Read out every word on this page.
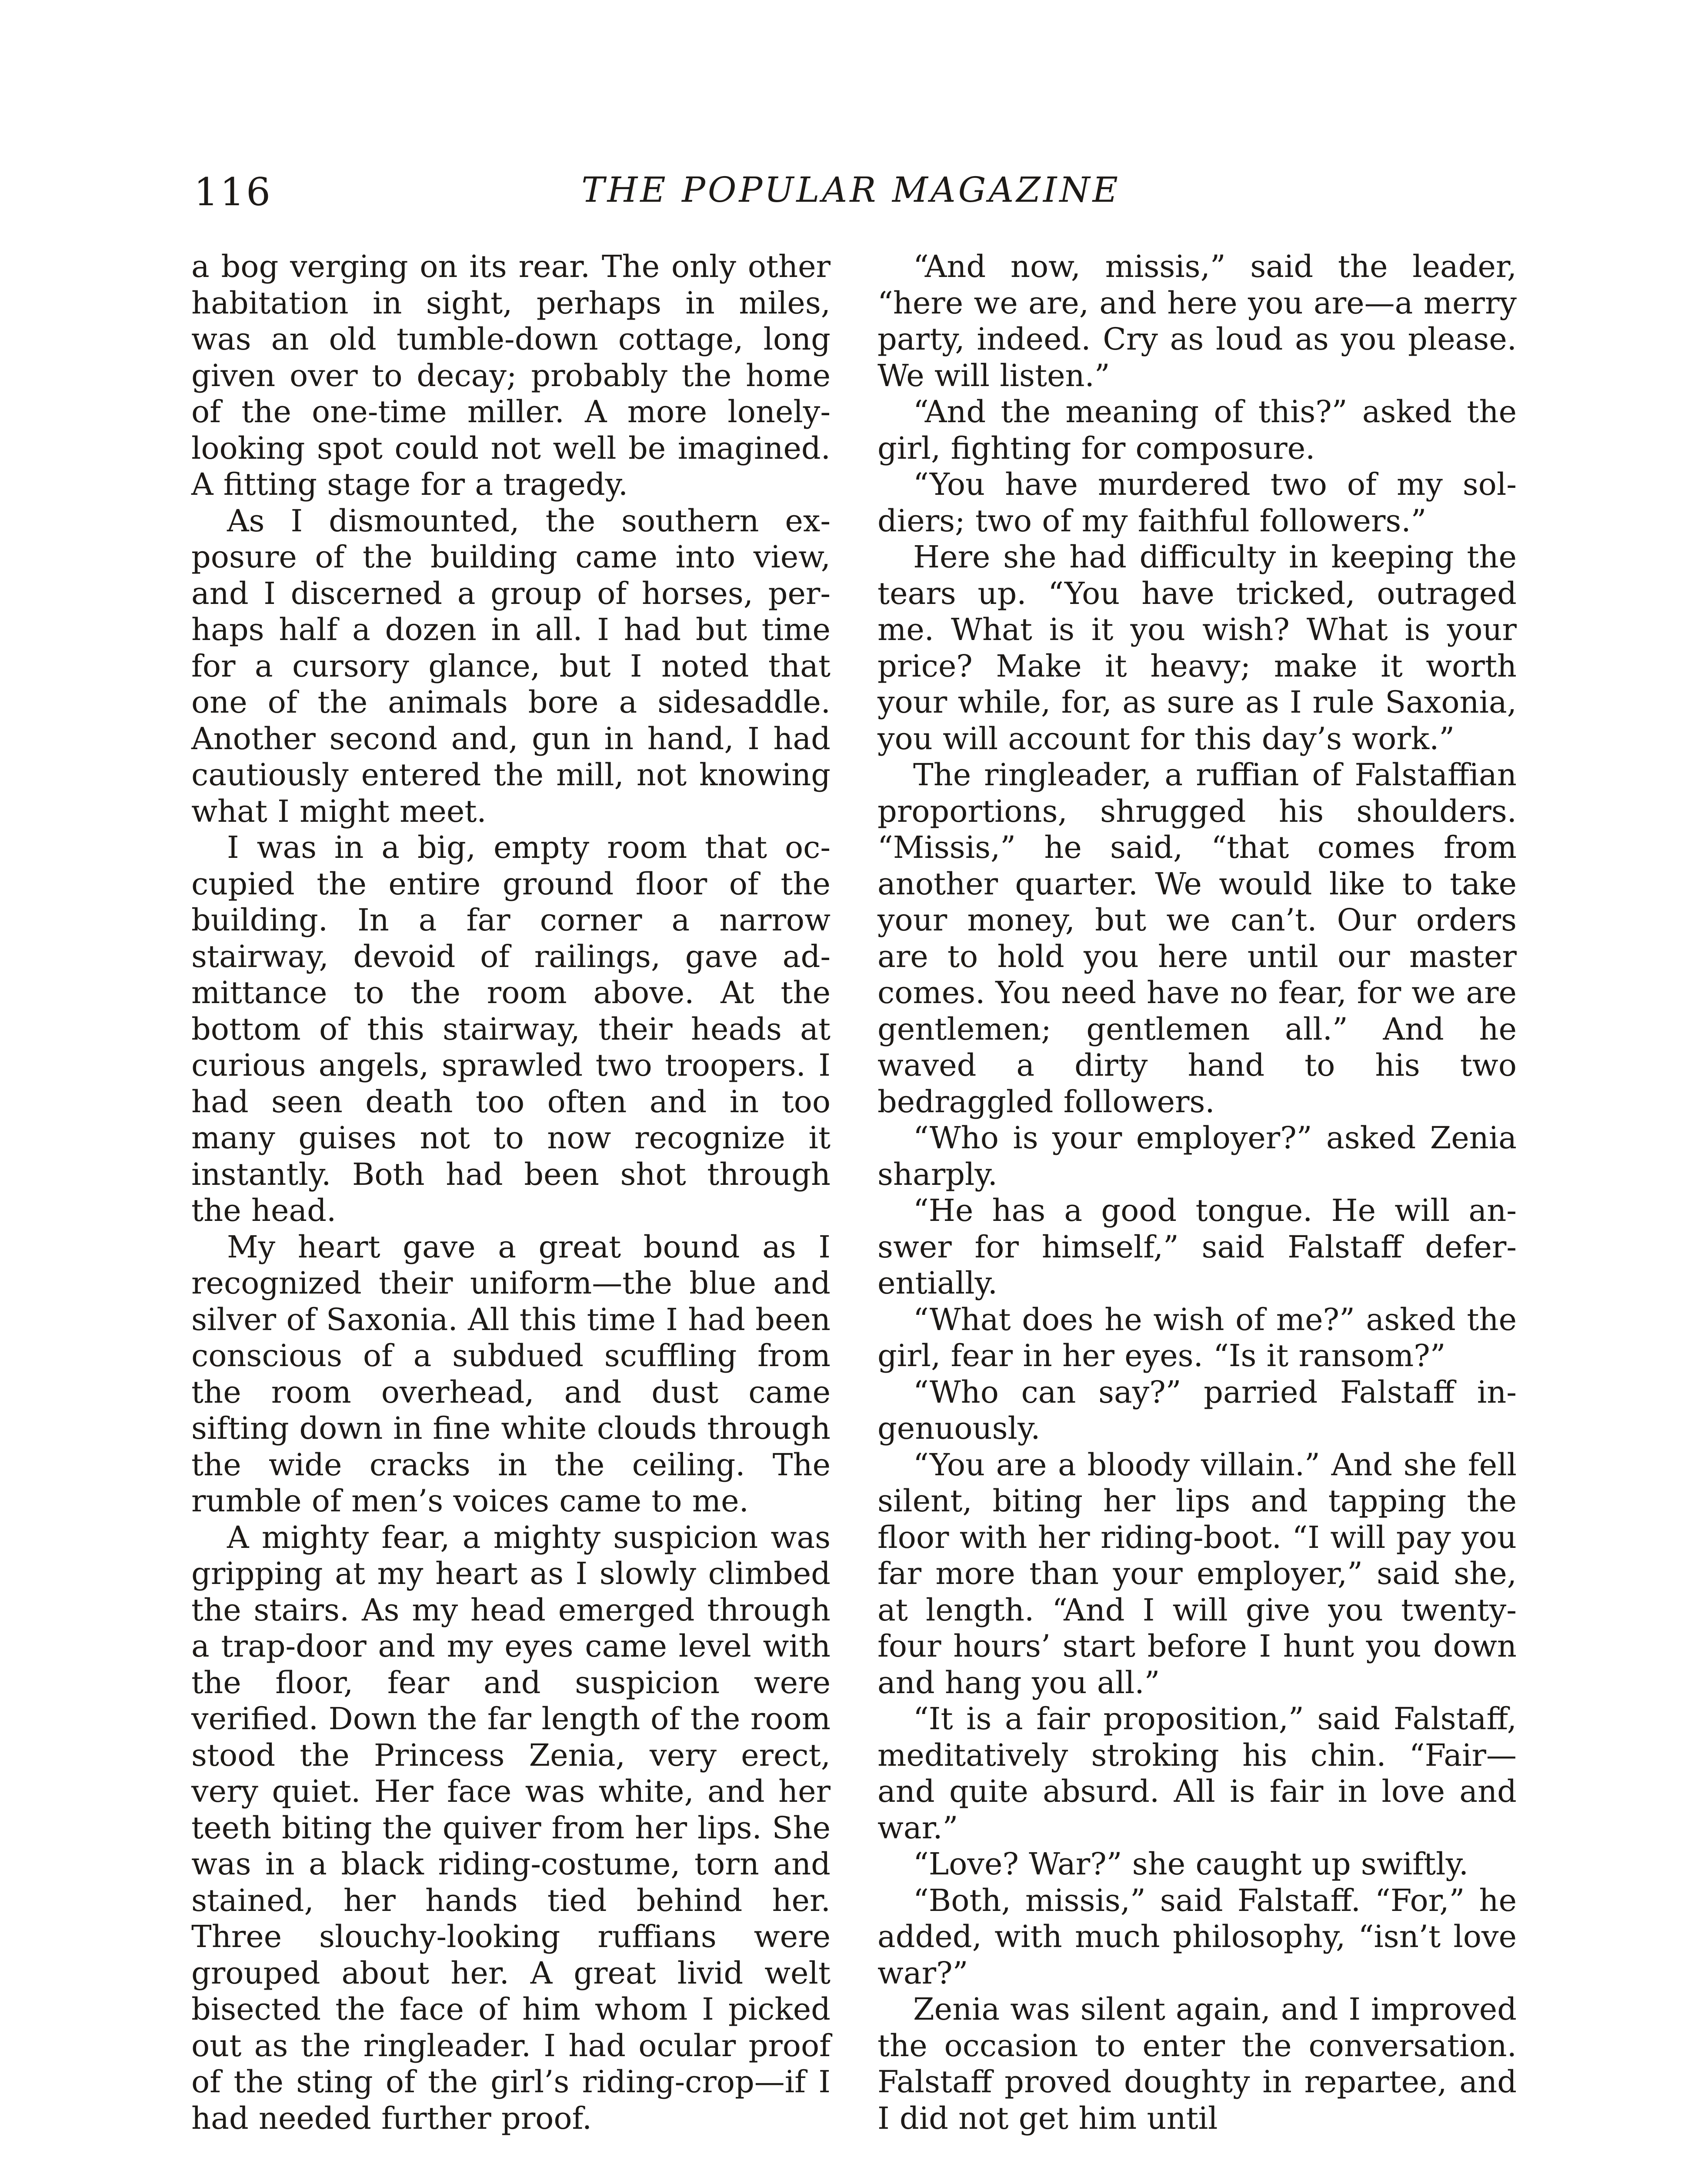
116	THE POPULAR MAGAZINE

a bog verging on its rear. The only other habitation in sight, perhaps in miles, was an old tumble-down cottage, long given over to decay; probably the home of the one-time miller. A more lonely-looking spot could not well be imagined. A fitting stage for a tragedy.

As I dismounted, the southern exposure of the building came into view, and I discerned a group of horses, perhaps half a dozen in all. I had but time for a cursory glance, but I noted that one of the animals bore a sidesaddle. Another second and, gun in hand, I had cautiously entered the mill, not knowing what I might meet.

I was in a big, empty room that occupied the entire ground floor of the building. In a far corner a narrow stairway, devoid of railings, gave admittance to the room above. At the bottom of this stairway, their heads at curious angels, sprawled two troopers. I had seen death too often and in too many guises not to now recognize it instantly. Both had been shot through the head.

My heart gave a great bound as I recognized their uniform—the blue and silver of Saxonia. All this time I had been conscious of a subdued scuffling from the room overhead, and dust came sifting down in fine white clouds through the wide cracks in the ceiling. The rumble of men’s voices came to me.

A mighty fear, a mighty suspicion was gripping at my heart as I slowly climbed the stairs. As my head emerged through a trap-door and my eyes came level with the floor, fear and suspicion were verified. Down the far length of the room stood the Princess Zenia, very erect, very quiet. Her face was white, and her teeth biting the quiver from her lips. She was in a black riding-costume, torn and stained, her hands tied behind her. Three slouchy-looking ruffians were grouped about her. A great livid welt bisected the face of him whom I picked out as the ringleader. I had ocular proof of the sting of the girl’s riding-crop—if I had needed further proof.

“And now, missis,” said the leader, “here we are, and here you are—a merry party, indeed. Cry as loud as you please. We will listen.”

“And the meaning of this?” asked the girl, fighting for composure.

“You have murdered two of my soldiers; two of my faithful followers.”

Here she had difficulty in keeping the tears up. “You have tricked, outraged me. What is it you wish? What is your price? Make it heavy; make it worth your while, for, as sure as I rule Saxonia, you will account for this day’s work.”

The ringleader, a ruffian of Falstaffian proportions, shrugged his shoulders. “Missis,” he said, “that comes from another quarter. We would like to take your money, but we can’t. Our orders are to hold you here until our master comes. You need have no fear, for we are gentlemen; gentlemen all.” And he waved a dirty hand to his two bedraggled followers.

“Who is your employer?” asked Zenia sharply.

“He has a good tongue. He will answer for himself,” said Falstaff deferentially.

“What does he wish of me?” asked the girl, fear in her eyes. “Is it ransom?”

“Who can say?” parried Falstaff ingenuously.

“You are a bloody villain.” And she fell silent, biting her lips and tapping the floor with her riding-boot. “I will pay you far more than your employer,” said she, at length. “And I will give you twenty-four hours’ start before I hunt you down and hang you all.”

“It is a fair proposition,” said Falstaff, meditatively stroking his chin. “Fair—and quite absurd. All is fair in love and war.”

“Love? War?” she caught up swiftly.

“Both, missis,” said Falstaff. “For,” he added, with much philosophy, “isn’t love war?”

Zenia was silent again, and I improved the occasion to enter the conversation. Falstaff proved doughty in repartee, and I did not get him until
